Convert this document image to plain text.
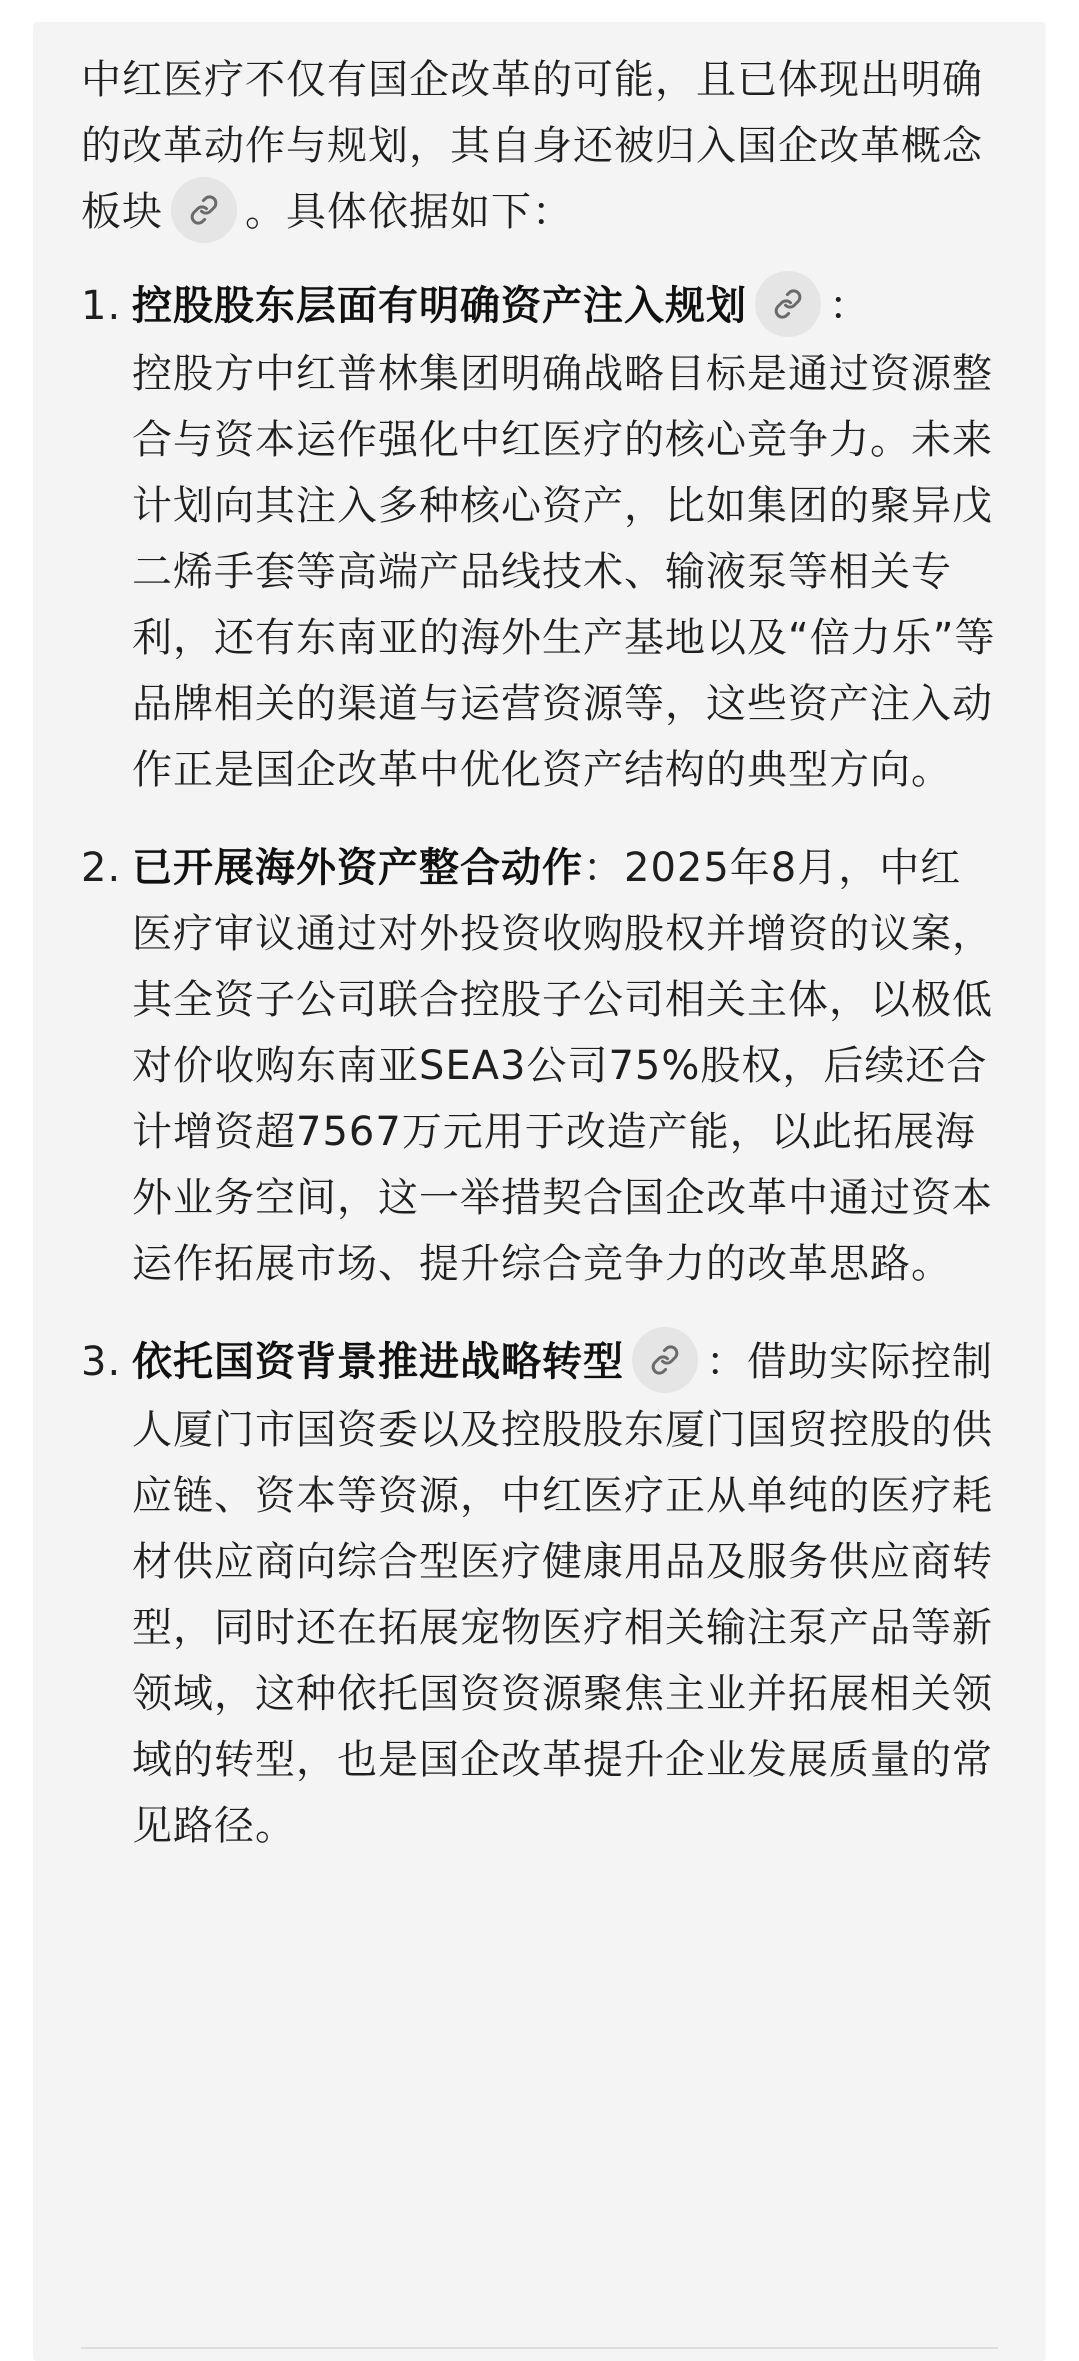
中红医疗不仅有国企改革的可能，且已体现出明确的改革动作与规划，其自身还被归入国企改革概念板块 。具体依据如下：

1. 控股股东层面有明确资产注入规划 ：
控股方中红普林集团明确战略目标是通过资源整合与资本运作强化中红医疗的核心竞争力。未来计划向其注入多种核心资产，比如集团的聚异戊二烯手套等高端产品线技术、输液泵等相关专利，还有东南亚的海外生产基地以及“倍力乐”等品牌相关的渠道与运营资源等，这些资产注入动作正是国企改革中优化资产结构的典型方向。
2. 已开展海外资产整合动作：2025年8月，中红医疗审议通过对外投资收购股权并增资的议案，其全资子公司联合控股子公司相关主体，以极低对价收购东南亚SEA3公司75%股权，后续还合计增资超7567万元用于改造产能，以此拓展海外业务空间，这一举措契合国企改革中通过资本运作拓展市场、提升综合竞争力的改革思路。
3. 依托国资背景推进战略转型 ：借助实际控制人厦门市国资委以及控股股东厦门国贸控股的供应链、资本等资源，中红医疗正从单纯的医疗耗材供应商向综合型医疗健康用品及服务供应商转型，同时还在拓展宠物医疗相关输注泵产品等新领域，这种依托国资资源聚焦主业并拓展相关领域的转型，也是国企改革提升企业发展质量的常见路径。
